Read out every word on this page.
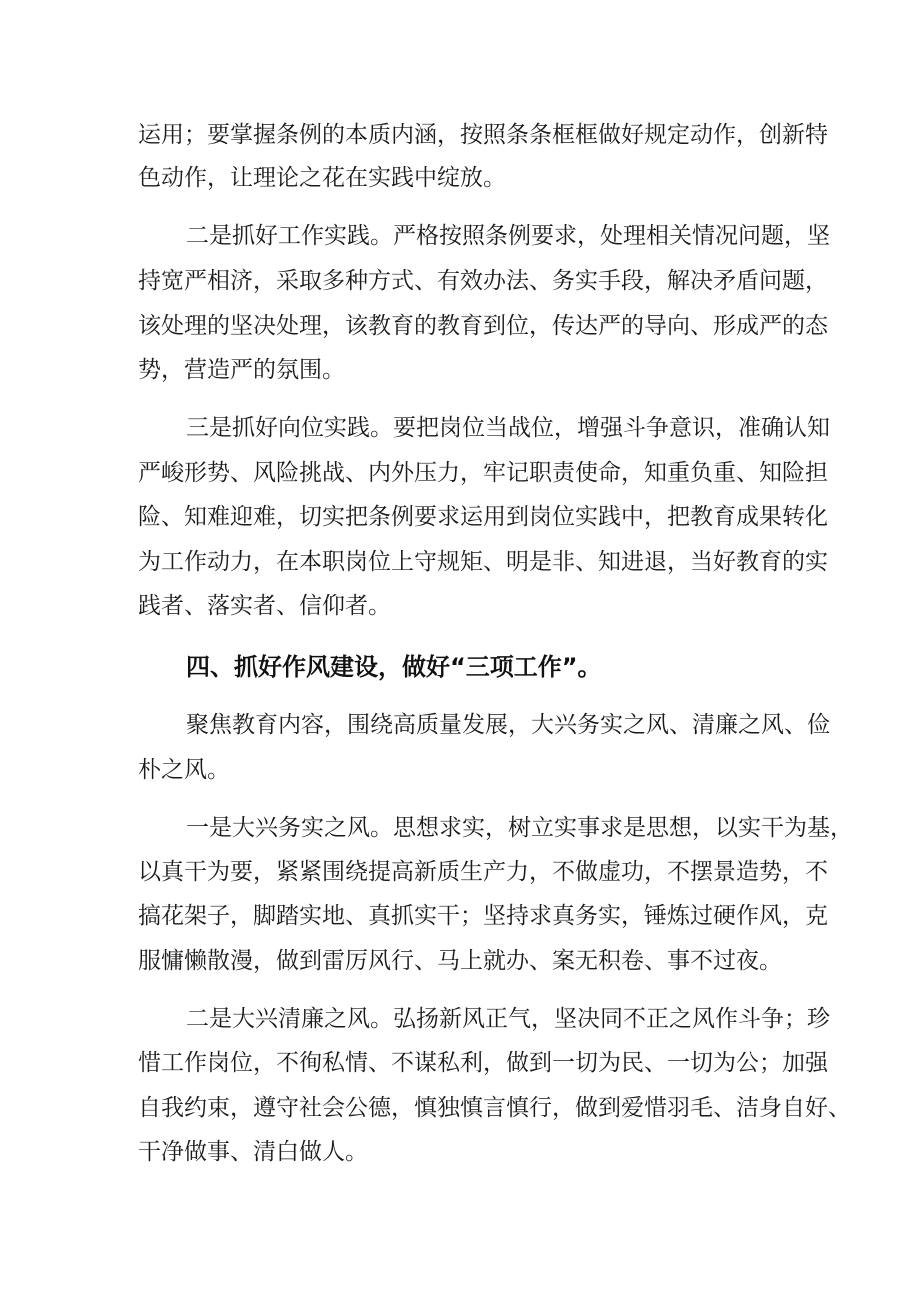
运用；要掌握条例的本质内涵，按照条条框框做好规定动作，创新特
色动作，让理论之花在实践中绽放。
二是抓好工作实践。严格按照条例要求，处理相关情况问题，坚
持宽严相济，采取多种方式、有效办法、务实手段，解决矛盾问题，
该处理的坚决处理，该教育的教育到位，传达严的导向、形成严的态
势，营造严的氛围。
三是抓好向位实践。要把岗位当战位，增强斗争意识，准确认知
严峻形势、风险挑战、内外压力，牢记职责使命，知重负重、知险担
险、知难迎难，切实把条例要求运用到岗位实践中，把教育成果转化
为工作动力，在本职岗位上守规矩、明是非、知进退，当好教育的实
践者、落实者、信仰者。
四、抓好作风建设，做好“三项工作”。
聚焦教育内容，围绕高质量发展，大兴务实之风、清廉之风、俭
朴之风。
一是大兴务实之风。思想求实，树立实事求是思想，以实干为基，
以真干为要，紧紧围绕提高新质生产力，不做虚功，不摆景造势，不
搞花架子，脚踏实地、真抓实干；坚持求真务实，锤炼过硬作风，克
服慵懒散漫，做到雷厉风行、马上就办、案无积卷、事不过夜。
二是大兴清廉之风。弘扬新风正气，坚决同不正之风作斗争；珍
惜工作岗位，不徇私情、不谋私利，做到一切为民、一切为公；加强
自我约束，遵守社会公德，慎独慎言慎行，做到爱惜羽毛、洁身自好、
干净做事、清白做人。
